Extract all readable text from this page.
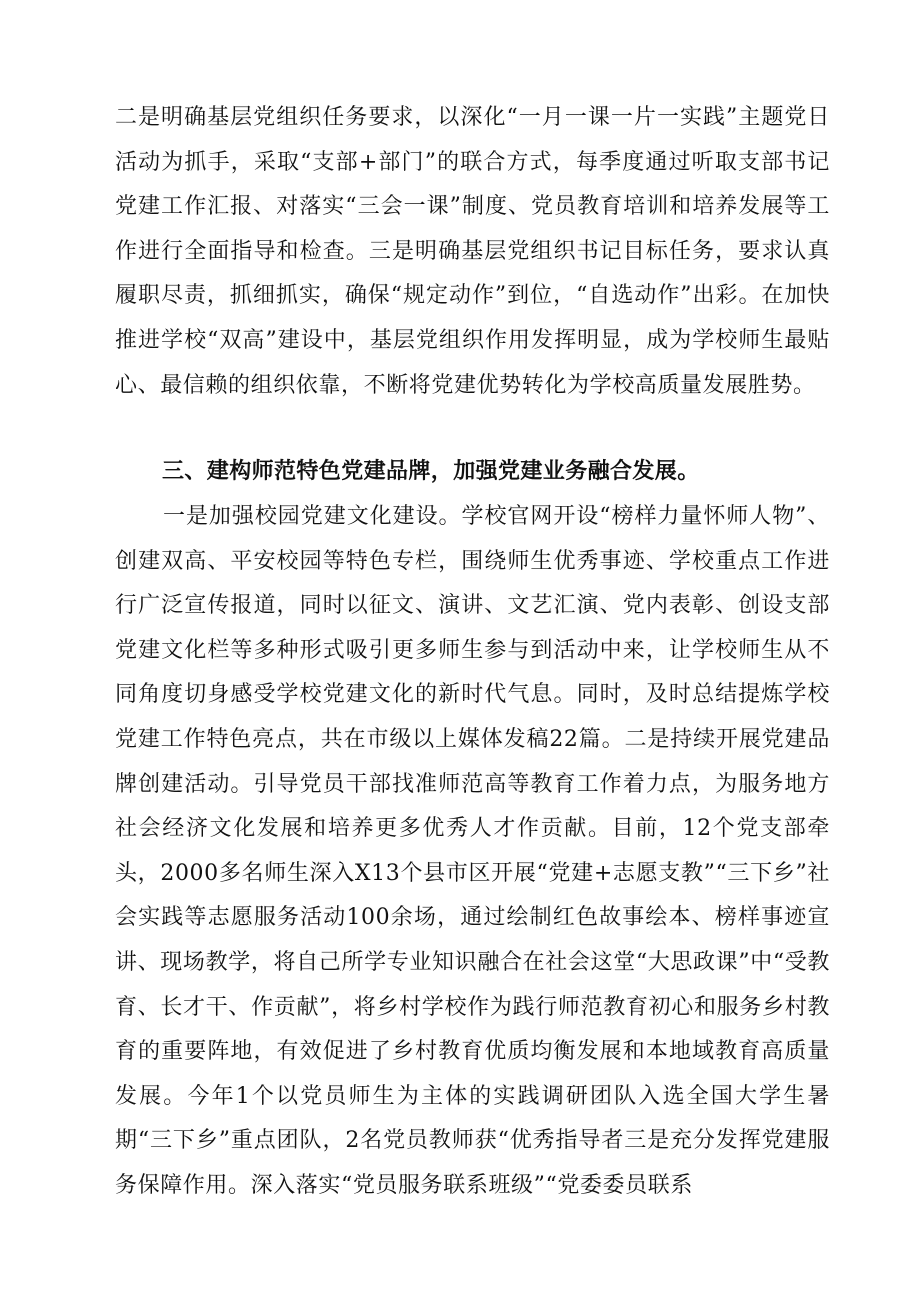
二是明确基层党组织任务要求，以深化“一月一课一片一实践”主题党日活动为抓手，采取“支部+部门”的联合方式，每季度通过听取支部书记党建工作汇报、对落实“三会一课”制度、党员教育培训和培养发展等工作进行全面指导和检查。三是明确基层党组织书记目标任务，要求认真履职尽责，抓细抓实，确保“规定动作”到位，“自选动作”出彩。在加快推进学校“双高”建设中，基层党组织作用发挥明显，成为学校师生最贴心、最信赖的组织依靠，不断将党建优势转化为学校高质量发展胜势。

三、建构师范特色党建品牌，加强党建业务融合发展。

一是加强校园党建文化建设。学校官网开设“榜样力量怀师人物”、创建双高、平安校园等特色专栏，围绕师生优秀事迹、学校重点工作进行广泛宣传报道，同时以征文、演讲、文艺汇演、党内表彰、创设支部党建文化栏等多种形式吸引更多师生参与到活动中来，让学校师生从不同角度切身感受学校党建文化的新时代气息。同时，及时总结提炼学校党建工作特色亮点，共在市级以上媒体发稿22篇。二是持续开展党建品牌创建活动。引导党员干部找准师范高等教育工作着力点，为服务地方社会经济文化发展和培养更多优秀人才作贡献。目前，12个党支部牵头，2000多名师生深入X13个县市区开展“党建+志愿支教”“三下乡”社会实践等志愿服务活动100余场，通过绘制红色故事绘本、榜样事迹宣讲、现场教学，将自己所学专业知识融合在社会这堂“大思政课”中“受教育、长才干、作贡献”，将乡村学校作为践行师范教育初心和服务乡村教育的重要阵地，有效促进了乡村教育优质均衡发展和本地域教育高质量发展。今年1个以党员师生为主体的实践调研团队入选全国大学生暑期“三下乡”重点团队，2名党员教师获“优秀指导者三是充分发挥党建服务保障作用。深入落实“党员服务联系班级”“党委委员联系
